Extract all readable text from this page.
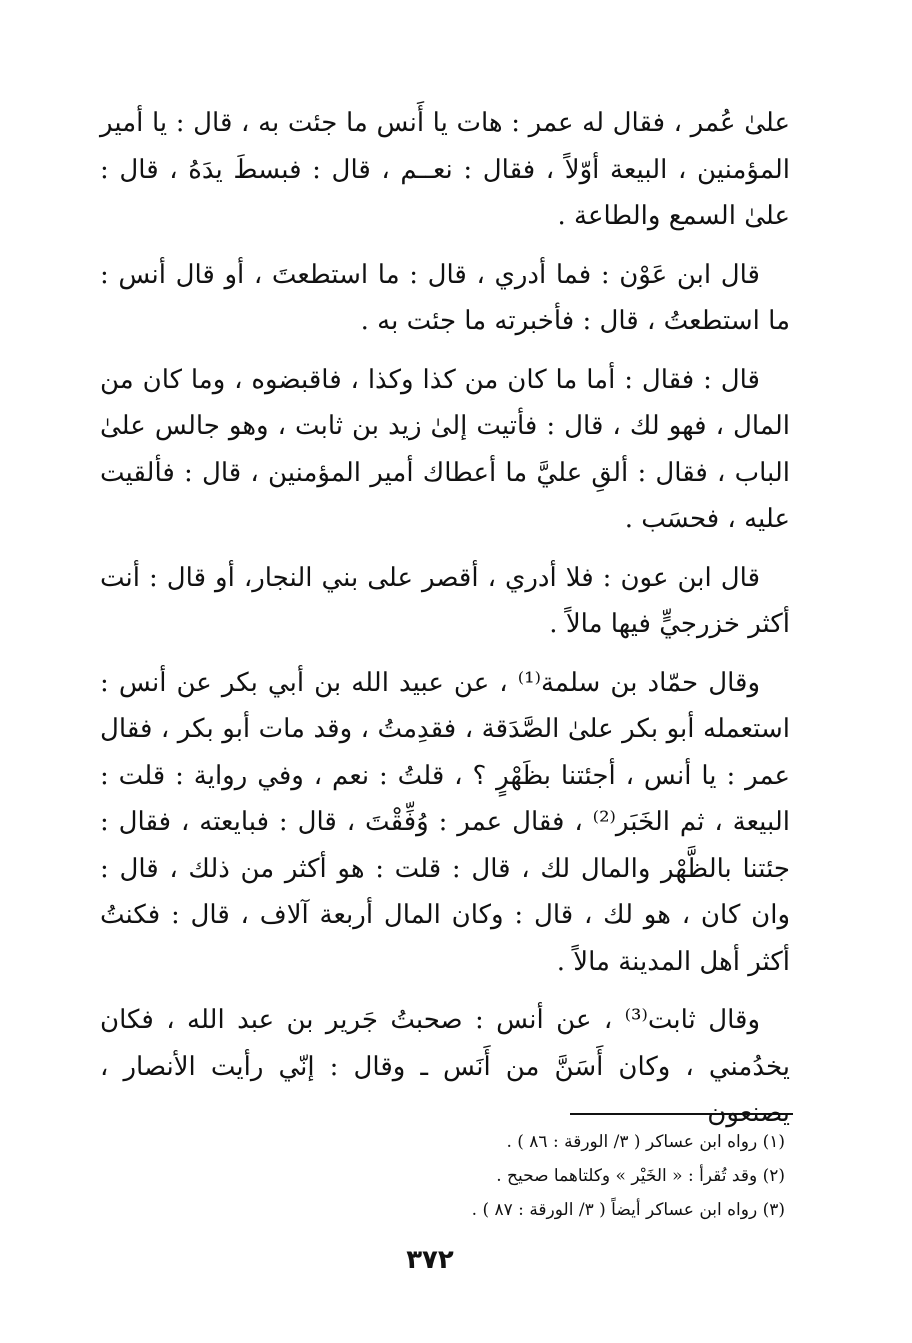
علىٰ عُمر ، فقال له عمر : هات يا أَنس ما جئت به ، قال : يا أمير المؤمنين ، البيعة أوّلاً ، فقال : نعــم ، قال : فبسطَ يدَهُ ، قال : علىٰ السمع والطاعة .

قال ابن عَوْن : فما أدري ، قال : ما استطعتَ ، أو قال أنس : ما استطعتُ ، قال : فأخبرته ما جئت به .

قال : فقال : أما ما كان من كذا وكذا ، فاقبضوه ، وما كان من المال ، فهو لك ، قال : فأتيت إلىٰ زيد بن ثابت ، وهو جالس علىٰ الباب ، فقال : ألقِ عليَّ ما أعطاك أمير المؤمنين ، قال : فألقيت عليه ، فحسَب .

قال ابن عون : فلا أدري ، أقصر على بني النجار، أو قال : أنت أكثر خزرجيٍّ فيها مالاً .

وقال حمّاد بن سلمة⁽¹⁾ ، عن عبيد الله بن أبي بكر عن أنس : استعمله أبو بكر علىٰ الصَّدَقة ، فقدِمتُ ، وقد مات أبو بكر ، فقال عمر : يا أنس ، أجئتنا بظَهْرٍ ؟ ، قلتُ : نعم ، وفي رواية : قلت : البيعة ، ثم الخَبَر⁽²⁾ ، فقال عمر : وُفِّقْتَ ، قال : فبايعته ، فقال : جئتنا بالظَّهْر والمال لك ، قال : قلت : هو أكثر من ذلك ، قال : وان كان ، هو لك ، قال : وكان المال أربعة آلاف ، قال : فكنتُ أكثر أهل المدينة مالاً .

وقال ثابت⁽³⁾ ، عن أنس : صحبتُ جَرير بن عبد الله ، فكان يخدُمني ، وكان أَسَنَّ من أَنَس ـ وقال : إنّي رأيت الأنصار ، يصنعون

(١) رواه ابن عساكر ( ٣/ الورقة : ٨٦ ) .

(٢) وقد تُقرأ : « الخَيْر » وكلتاهما صحيح .

(٣) رواه ابن عساكر أيضاً ( ٣/ الورقة : ٨٧ ) .

٣٧٢
